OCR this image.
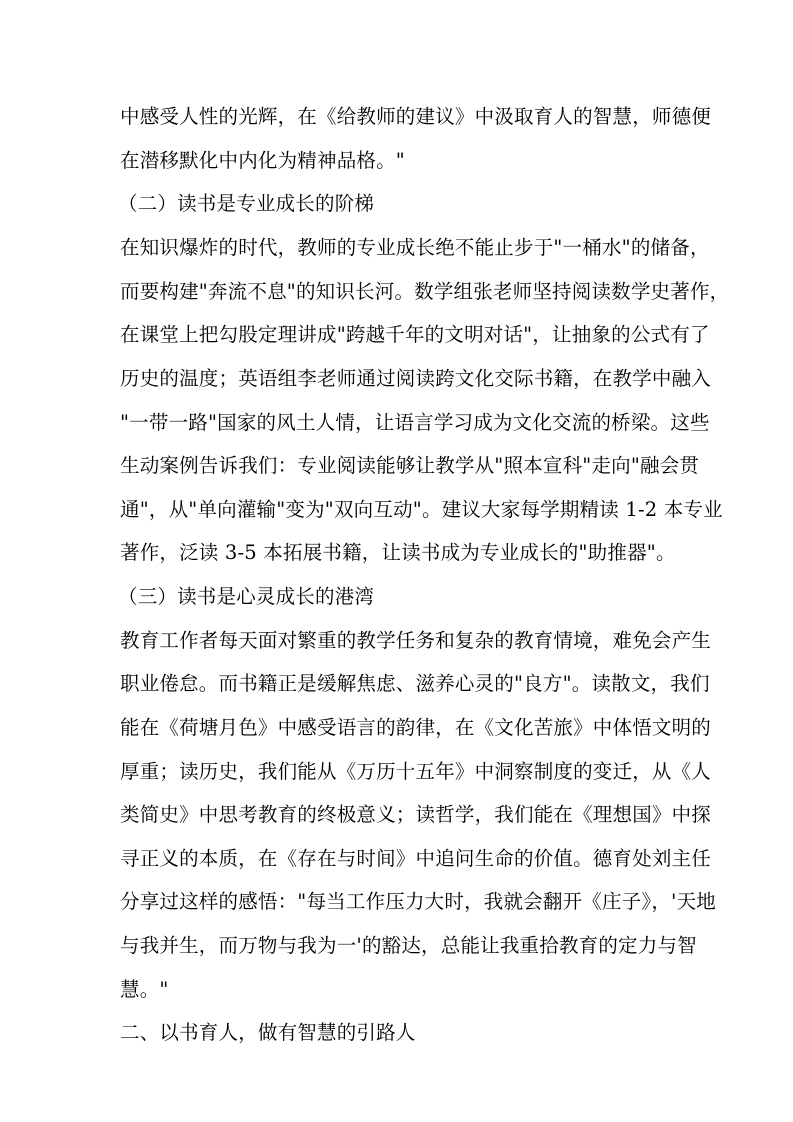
中感受人性的光辉，在《给教师的建议》中汲取育人的智慧，师德便
在潜移默化中内化为精神品格。"
（二）读书是专业成长的阶梯
在知识爆炸的时代，教师的专业成长绝不能止步于"一桶水"的储备，
而要构建"奔流不息"的知识长河。数学组张老师坚持阅读数学史著作，
在课堂上把勾股定理讲成"跨越千年的文明对话"，让抽象的公式有了
历史的温度；英语组李老师通过阅读跨文化交际书籍，在教学中融入
"一带一路"国家的风土人情，让语言学习成为文化交流的桥梁。这些
生动案例告诉我们：专业阅读能够让教学从"照本宣科"走向"融会贯
通"，从"单向灌输"变为"双向互动"。建议大家每学期精读 1-2 本专业
著作，泛读 3-5 本拓展书籍，让读书成为专业成长的"助推器"。
（三）读书是心灵成长的港湾
教育工作者每天面对繁重的教学任务和复杂的教育情境，难免会产生
职业倦怠。而书籍正是缓解焦虑、滋养心灵的"良方"。读散文，我们
能在《荷塘月色》中感受语言的韵律，在《文化苦旅》中体悟文明的
厚重；读历史，我们能从《万历十五年》中洞察制度的变迁，从《人
类简史》中思考教育的终极意义；读哲学，我们能在《理想国》中探
寻正义的本质，在《存在与时间》中追问生命的价值。德育处刘主任
分享过这样的感悟："每当工作压力大时，我就会翻开《庄子》，'天地
与我并生，而万物与我为一'的豁达，总能让我重拾教育的定力与智
慧。"
二、以书育人，做有智慧的引路人
